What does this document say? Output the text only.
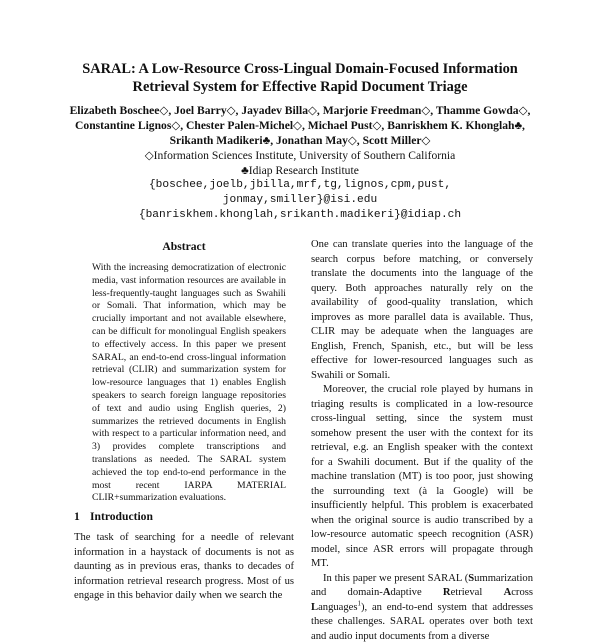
SARAL: A Low-Resource Cross-Lingual Domain-Focused Information
Retrieval System for Effective Rapid Document Triage
Elizabeth Boschee◇, Joel Barry◇, Jayadev Billa◇, Marjorie Freedman◇, Thamme Gowda◇,
Constantine Lignos◇, Chester Palen-Michel◇, Michael Pust◇, Banriskhem K. Khonglah♣,
Srikanth Madikeri♣, Jonathan May◇, Scott Miller◇
◇Information Sciences Institute, University of Southern California
♣Idiap Research Institute
{boschee,joelb,jbilla,mrf,tg,lignos,cpm,pust,
jonmay,smiller}@isi.edu
{banriskhem.khonglah,srikanth.madikeri}@idiap.ch
Abstract

With the increasing democratization of electronic media, vast information resources are available in less-frequently-taught languages such as Swahili or Somali. That information, which may be crucially important and not available elsewhere, can be difficult for monolingual English speakers to effectively access. In this paper we present SARAL, an end-to-end cross-lingual information retrieval (CLIR) and summarization system for low-resource languages that 1) enables English speakers to search foreign language repositories of text and audio using English queries, 2) summarizes the retrieved documents in English with respect to a particular information need, and 3) provides complete transcriptions and translations as needed. The SARAL system achieved the top end-to-end performance in the most recent IARPA MATERIAL CLIR+summarization evaluations.

1 Introduction

The task of searching for a needle of relevant information in a haystack of documents is not as daunting as in previous eras, thanks to decades of information retrieval research progress. Most of us engage in this behavior daily when we search the

One can translate queries into the language of the search corpus before matching, or conversely translate the documents into the language of the query. Both approaches naturally rely on the availability of good-quality translation, which improves as more parallel data is available. Thus, CLIR may be adequate when the languages are English, French, Spanish, etc., but will be less effective for lower-resourced languages such as Swahili or Somali.

Moreover, the crucial role played by humans in triaging results is complicated in a low-resource cross-lingual setting, since the system must somehow present the user with the context for its retrieval, e.g. an English speaker with the context for a Swahili document. But if the quality of the machine translation (MT) is too poor, just showing the surrounding text (à la Google) will be insufficiently helpful. This problem is exacerbated when the original source is audio transcribed by a low-resource automatic speech recognition (ASR) model, since ASR errors will propagate through MT.

In this paper we present SARAL (Summarization and domain-Adaptive Retrieval Across Languages$^1$), an end-to-end system that addresses these challenges. SARAL operates over both text and audio input documents from a diverse
